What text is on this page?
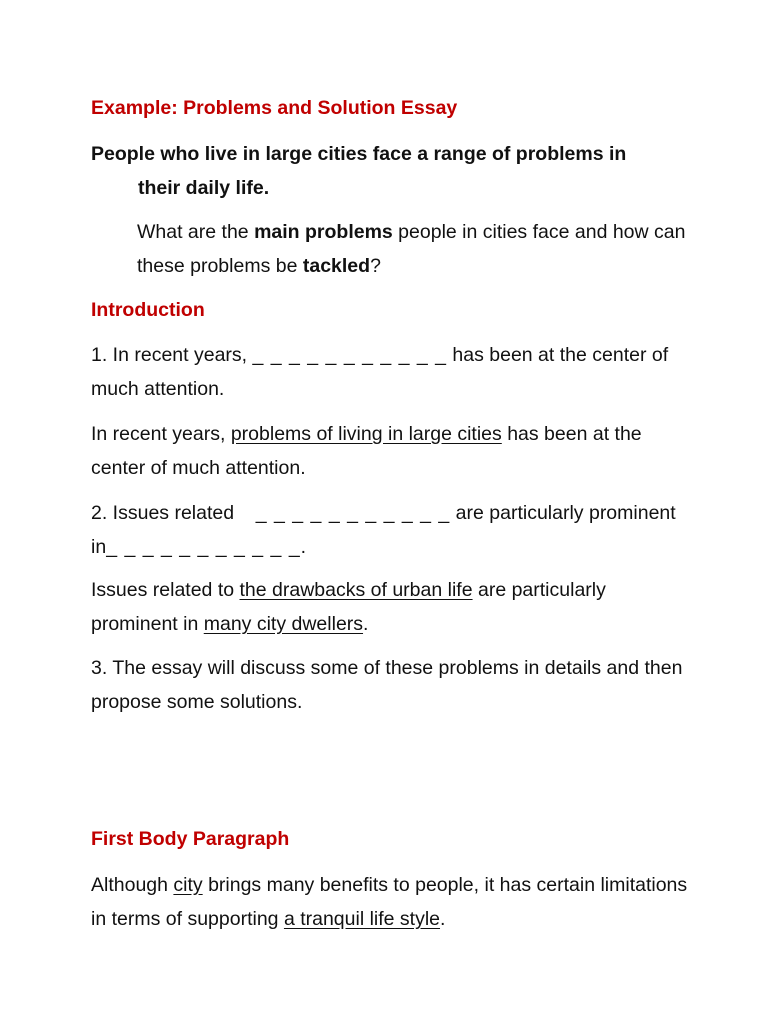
Example: Problems and Solution Essay
People who live in large cities face a range of problems in
their daily life.
What are the main problems people in cities face and how can these problems be tackled?
Introduction
1. In recent years, _ _ _ _ _ _ _ _ _ _ _ has been at the center of much attention.
In recent years, problems of living in large cities has been at the center of much attention.
2. Issues related    _ _ _ _ _ _ _ _ _ _ _ are particularly prominent in_ _ _ _ _ _ _ _ _ _ _.
Issues related to the drawbacks of urban life are particularly prominent in many city dwellers.
3. The essay will discuss some of these problems in details and then propose some solutions.
First Body Paragraph
Although city brings many benefits to people, it has certain limitations in terms of supporting a tranquil life style.
